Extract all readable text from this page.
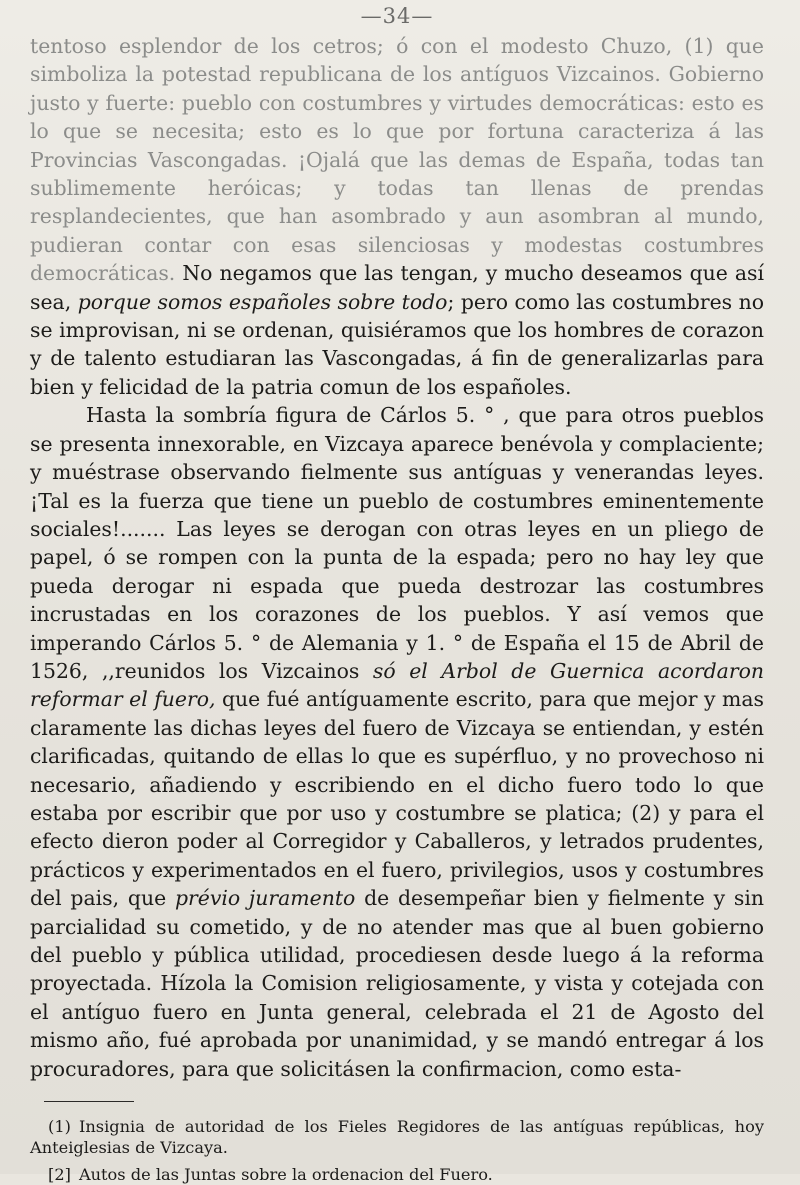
—34—

tentoso esplendor de los cetros; ó con el modesto Chuzo, (1) que simboliza la potestad republicana de los antíguos Vizcainos. Gobierno justo y fuerte: pueblo con costumbres y virtudes democráticas: esto es lo que se necesita; esto es lo que por fortuna caracteriza á las Provincias Vascongadas. ¡Ojalá que las demas de España, todas tan sublimemente heróicas; y todas tan llenas de prendas resplandecientes, que han asombrado y aun asombran al mundo, pudieran contar con esas silenciosas y modestas costumbres democráticas. No negamos que las tengan, y mucho deseamos que así sea, porque somos españoles sobre todo; pero como las costumbres no se improvisan, ni se ordenan, quisiéramos que los hombres de corazon y de talento estudiaran las Vascongadas, á fin de generalizarlas para bien y felicidad de la patria comun de los españoles.

Hasta la sombría figura de Cárlos 5. ° , que para otros pueblos se presenta innexorable, en Vizcaya aparece benévola y complaciente; y muéstrase observando fielmente sus antíguas y venerandas leyes. ¡Tal es la fuerza que tiene un pueblo de costumbres eminentemente sociales!....... Las leyes se derogan con otras leyes en un pliego de papel, ó se rompen con la punta de la espada; pero no hay ley que pueda derogar ni espada que pueda destrozar las costumbres incrustadas en los corazones de los pueblos. Y así vemos que imperando Cárlos 5. ° de Alemania y 1. ° de España el 15 de Abril de 1526, ,,reunidos los Vizcainos só el Arbol de Guernica acordaron reformar el fuero, que fué antíguamente escrito, para que mejor y mas claramente las dichas leyes del fuero de Vizcaya se entiendan, y estén clarificadas, quitando de ellas lo que es supérfluo, y no provechoso ni necesario, añadiendo y escribiendo en el dicho fuero todo lo que estaba por escribir que por uso y costumbre se platica; (2) y para el efecto dieron poder al Corregidor y Caballeros, y letrados prudentes, prácticos y experimentados en el fuero, privilegios, usos y costumbres del pais, que prévio juramento de desempeñar bien y fielmente y sin parcialidad su cometido, y de no atender mas que al buen gobierno del pueblo y pública utilidad, procediesen desde luego á la reforma proyectada. Hízola la Comision religiosamente, y vista y cotejada con el antíguo fuero en Junta general, celebrada el 21 de Agosto del mismo año, fué aprobada por unanimidad, y se mandó entregar á los procuradores, para que solicitásen la confirmacion, como esta-

(1) Insignia de autoridad de los Fieles Regidores de las antíguas repúblicas, hoy Anteiglesias de Vizcaya.

[2] Autos de las Juntas sobre la ordenacion del Fuero.
